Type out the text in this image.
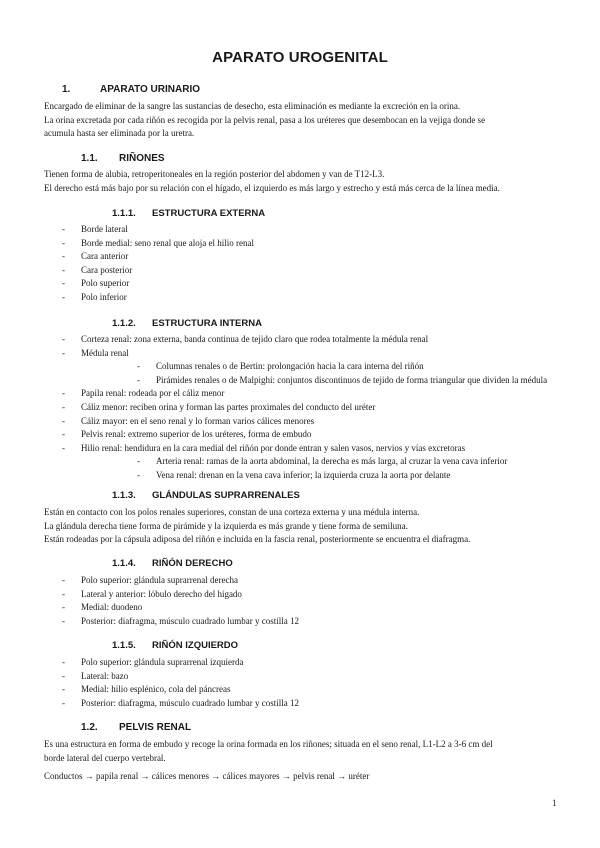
APARATO UROGENITAL
1.	APARATO URINARIO
Encargado de eliminar de la sangre las sustancias de desecho, esta eliminación es mediante la excreción en la orina.
La orina excretada por cada riñón es recogida por la pelvis renal, pasa a los uréteres que desembocan en la vejiga donde se
acumula hasta ser eliminada por la uretra.
1.1. RIÑONES
Tienen forma de alubia, retroperitoneales en la región posterior del abdomen y van de T12-L3.
El derecho está más bajo por su relación con el hígado, el izquierdo es más largo y estrecho y está más cerca de la línea media.
1.1.1. ESTRUCTURA EXTERNA
- Borde lateral
- Borde medial: seno renal que aloja el hilio renal
- Cara anterior
- Cara posterior
- Polo superior
- Polo inferior
1.1.2. ESTRUCTURA INTERNA
- Corteza renal: zona externa, banda continua de tejido claro que rodea totalmente la médula renal
- Médula renal
- Columnas renales o de Bertin: prolongación hacia la cara interna del riñón
- Pirámides renales o de Malpighi: conjuntos discontinuos de tejido de forma triangular que dividen la médula
- Papila renal: rodeada por el cáliz menor
- Cáliz menor: reciben orina y forman las partes proximales del conducto del uréter
- Cáliz mayor: en el seno renal y lo forman varios cálices menores
- Pelvis renal: extremo superior de los uréteres, forma de embudo
- Hilio renal: hendidura en la cara medial del riñón por donde entran y salen vasos, nervios y vías excretoras
- Arteria renal: ramas de la aorta abdominal, la derecha es más larga, al cruzar la vena cava inferior
- Vena renal: drenan en la vena cava inferior; la izquierda cruza la aorta por delante
1.1.3. GLÁNDULAS SUPRARRENALES
Están en contacto con los polos renales superiores, constan de una corteza externa y una médula interna.
La glándula derecha tiene forma de pirámide y la izquierda es más grande y tiene forma de semiluna.
Están rodeadas por la cápsula adiposa del riñón e incluida en la fascia renal, posteriormente se encuentra el diafragma.
1.1.4. RIÑÓN DERECHO
- Polo superior: glándula suprarrenal derecha
- Lateral y anterior: lóbulo derecho del hígado
- Medial: duodeno
- Posterior: diafragma, músculo cuadrado lumbar y costilla 12
1.1.5. RIÑÓN IZQUIERDO
- Polo superior: glándula suprarrenal izquierda
- Lateral: bazo
- Medial: hilio esplénico, cola del páncreas
- Posterior: diafragma, músculo cuadrado lumbar y costilla 12
1.2. PELVIS RENAL
Es una estructura en forma de embudo y recoge la orina formada en los riñones; situada en el seno renal, L1-L2 a 3-6 cm del
borde lateral del cuerpo vertebral.
Conductos → papila renal → cálices menores → cálices mayores → pelvis renal → uréter
1
